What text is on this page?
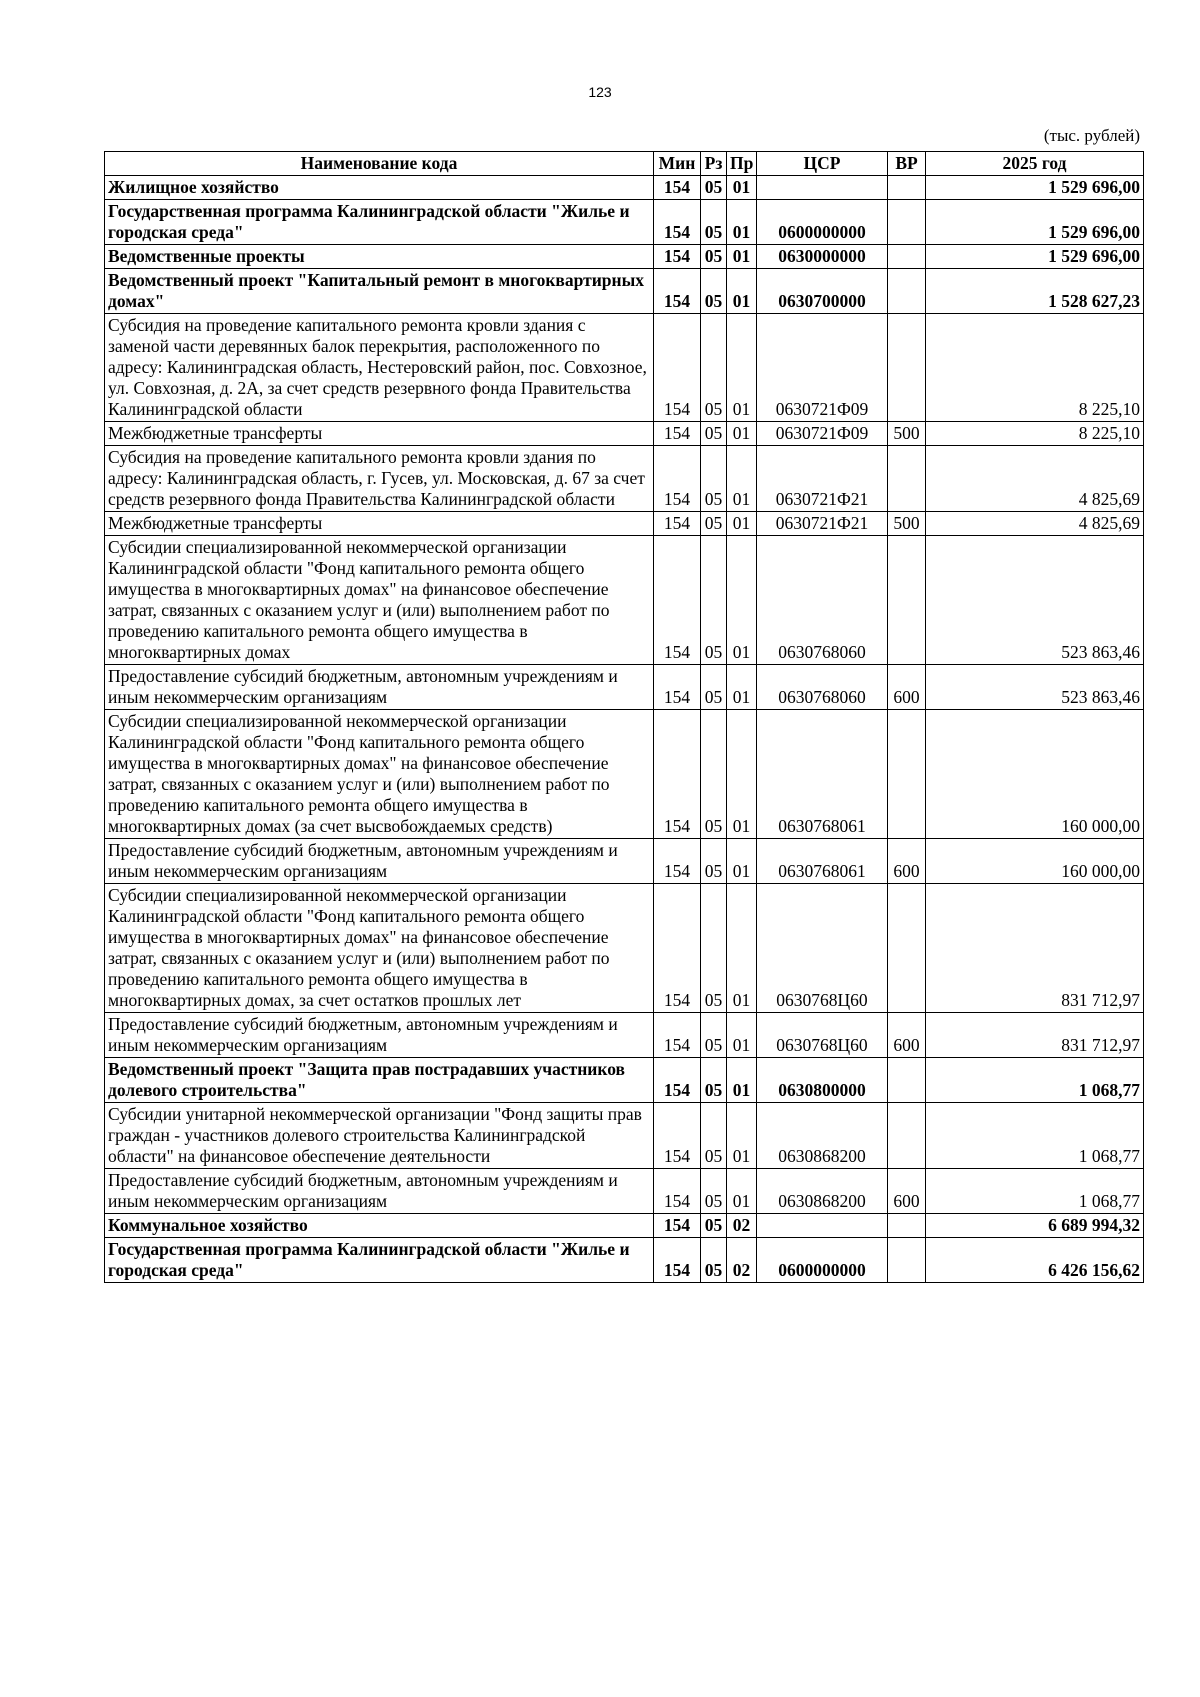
123
(тыс. рублей)
Наименование кода	Мин	Рз	Пр	ЦСР	ВР	2025 год
Жилищное хозяйство	154	05	01			1 529 696,00
Государственная программа Калининградской области "Жилье и городская среда"	154	05	01	0600000000		1 529 696,00
Ведомственные проекты	154	05	01	0630000000		1 529 696,00
Ведомственный проект "Капитальный ремонт в многоквартирных домах"	154	05	01	0630700000		1 528 627,23
Субсидия на проведение капитального ремонта кровли здания с заменой части деревянных балок перекрытия, расположенного по адресу: Калининградская область, Нестеровский район, пос. Совхозное, ул. Совхозная, д. 2А, за счет средств резервного фонда Правительства Калининградской области	154	05	01	0630721Ф09		8 225,10
Межбюджетные трансферты	154	05	01	0630721Ф09	500	8 225,10
Субсидия на проведение капитального ремонта кровли здания по адресу: Калининградская область, г. Гусев, ул. Московская, д. 67 за счет средств резервного фонда Правительства Калининградской области	154	05	01	0630721Ф21		4 825,69
Межбюджетные трансферты	154	05	01	0630721Ф21	500	4 825,69
Субсидии специализированной некоммерческой организации Калининградской области "Фонд капитального ремонта общего имущества в многоквартирных домах" на финансовое обеспечение затрат, связанных с оказанием услуг и (или) выполнением работ по проведению капитального ремонта общего имущества в многоквартирных домах	154	05	01	0630768060		523 863,46
Предоставление субсидий бюджетным, автономным учреждениям и иным некоммерческим организациям	154	05	01	0630768060	600	523 863,46
Субсидии специализированной некоммерческой организации Калининградской области "Фонд капитального ремонта общего имущества в многоквартирных домах" на финансовое обеспечение затрат, связанных с оказанием услуг и (или) выполнением работ по проведению капитального ремонта общего имущества в многоквартирных домах (за счет высвобождаемых средств)	154	05	01	0630768061		160 000,00
Предоставление субсидий бюджетным, автономным учреждениям и иным некоммерческим организациям	154	05	01	0630768061	600	160 000,00
Субсидии специализированной некоммерческой организации Калининградской области "Фонд капитального ремонта общего имущества в многоквартирных домах" на финансовое обеспечение затрат, связанных с оказанием услуг и (или) выполнением работ по проведению капитального ремонта общего имущества в многоквартирных домах, за счет остатков прошлых лет	154	05	01	0630768Ц60		831 712,97
Предоставление субсидий бюджетным, автономным учреждениям и иным некоммерческим организациям	154	05	01	0630768Ц60	600	831 712,97
Ведомственный проект "Защита прав пострадавших участников долевого строительства"	154	05	01	0630800000		1 068,77
Субсидии унитарной некоммерческой организации "Фонд защиты прав граждан - участников долевого строительства Калининградской области" на финансовое обеспечение деятельности	154	05	01	0630868200		1 068,77
Предоставление субсидий бюджетным, автономным учреждениям и иным некоммерческим организациям	154	05	01	0630868200	600	1 068,77
Коммунальное хозяйство	154	05	02			6 689 994,32
Государственная программа Калининградской области "Жилье и городская среда"	154	05	02	0600000000		6 426 156,62
